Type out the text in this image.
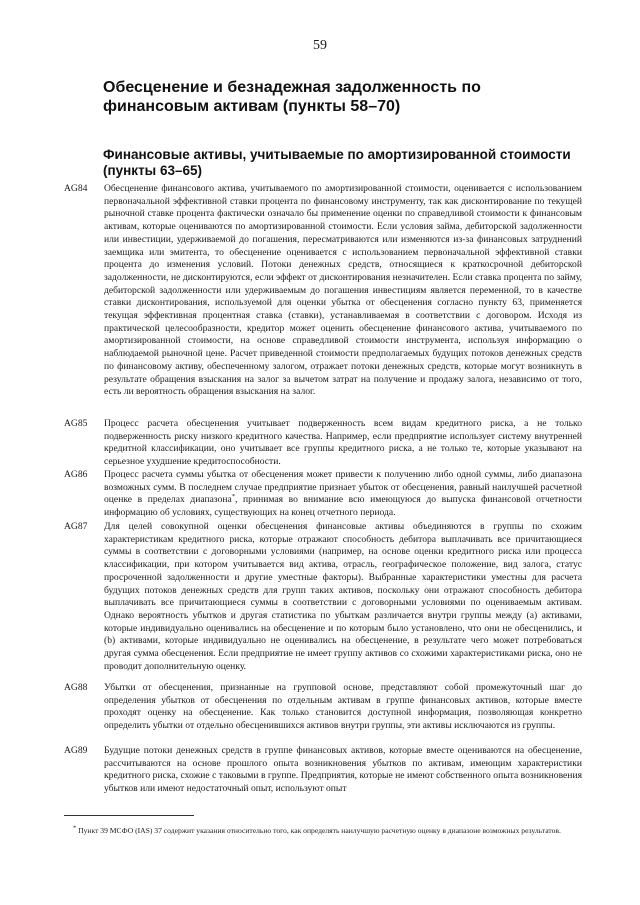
59
Обесценение и безнадежная задолженность по финансовым активам (пункты 58–70)
Финансовые активы, учитываемые по амортизированной стоимости (пункты 63–65)
AG84	Обесценение финансового актива, учитываемого по амортизированной стоимости, оценивается с использованием первоначальной эффективной ставки процента по финансовому инструменту, так как дисконтирование по текущей рыночной ставке процента фактически означало бы применение оценки по справедливой стоимости к финансовым активам, которые оцениваются по амортизированной стоимости. Если условия займа, дебиторской задолженности или инвестиции, удерживаемой до погашения, пересматриваются или изменяются из-за финансовых затруднений заемщика или эмитента, то обесценение оценивается с использованием первоначальной эффективной ставки процента до изменения условий. Потоки денежных средств, относящиеся к краткосрочной дебиторской задолженности, не дисконтируются, если эффект от дисконтирования незначителен. Если ставка процента по займу, дебиторской задолженности или удерживаемым до погашения инвестициям является переменной, то в качестве ставки дисконтирования, используемой для оценки убытка от обесценения согласно пункту 63, применяется текущая эффективная процентная ставка (ставки), устанавливаемая в соответствии с договором. Исходя из практической целесообразности, кредитор может оценить обесценение финансового актива, учитываемого по амортизированной стоимости, на основе справедливой стоимости инструмента, используя информацию о наблюдаемой рыночной цене. Расчет приведенной стоимости предполагаемых будущих потоков денежных средств по финансовому активу, обеспеченному залогом, отражает потоки денежных средств, которые могут возникнуть в результате обращения взыскания на залог за вычетом затрат на получение и продажу залога, независимо от того, есть ли вероятность обращения взыскания на залог.
AG85	Процесс расчета обесценения учитывает подверженность всем видам кредитного риска, а не только подверженность риску низкого кредитного качества. Например, если предприятие использует систему внутренней кредитной классификации, оно учитывает все группы кредитного риска, а не только те, которые указывают на серьезное ухудшение кредитоспособности.
AG86	Процесс расчета суммы убытка от обесценения может привести к получению либо одной суммы, либо диапазона возможных сумм. В последнем случае предприятие признает убыток от обесценения, равный наилучшей расчетной оценке в пределах диапазона*, принимая во внимание всю имеющуюся до выпуска финансовой отчетности информацию об условиях, существующих на конец отчетного периода.
AG87	Для целей совокупной оценки обесценения финансовые активы объединяются в группы по схожим характеристикам кредитного риска, которые отражают способность дебитора выплачивать все причитающиеся суммы в соответствии с договорными условиями (например, на основе оценки кредитного риска или процесса классификации, при котором учитывается вид актива, отрасль, географическое положение, вид залога, статус просроченной задолженности и другие уместные факторы). Выбранные характеристики уместны для расчета будущих потоков денежных средств для групп таких активов, поскольку они отражают способность дебитора выплачивать все причитающиеся суммы в соответствии с договорными условиями по оцениваемым активам. Однако вероятность убытков и другая статистика по убыткам различается внутри группы между (a) активами, которые индивидуально оценивались на обесценение и по которым было установлено, что они не обесценились, и (b) активами, которые индивидуально не оценивались на обесценение, в результате чего может потребоваться другая сумма обесценения. Если предприятие не имеет группу активов со схожими характеристиками риска, оно не проводит дополнительную оценку.
AG88	Убытки от обесценения, признанные на групповой основе, представляют собой промежуточный шаг до определения убытков от обесценения по отдельным активам в группе финансовых активов, которые вместе проходят оценку на обесценение. Как только становится доступной информация, позволяющая конкретно определить убытки от отдельно обесценившихся активов внутри группы, эти активы исключаются из группы.
AG89	Будущие потоки денежных средств в группе финансовых активов, которые вместе оцениваются на обесценение, рассчитываются на основе прошлого опыта возникновения убытков по активам, имеющим характеристики кредитного риска, схожие с таковыми в группе. Предприятия, которые не имеют собственного опыта возникновения убытков или имеют недостаточный опыт, используют опыт
* Пункт 39 МСФО (IAS) 37 содержит указания относительно того, как определять наилучшую расчетную оценку в диапазоне возможных результатов.
